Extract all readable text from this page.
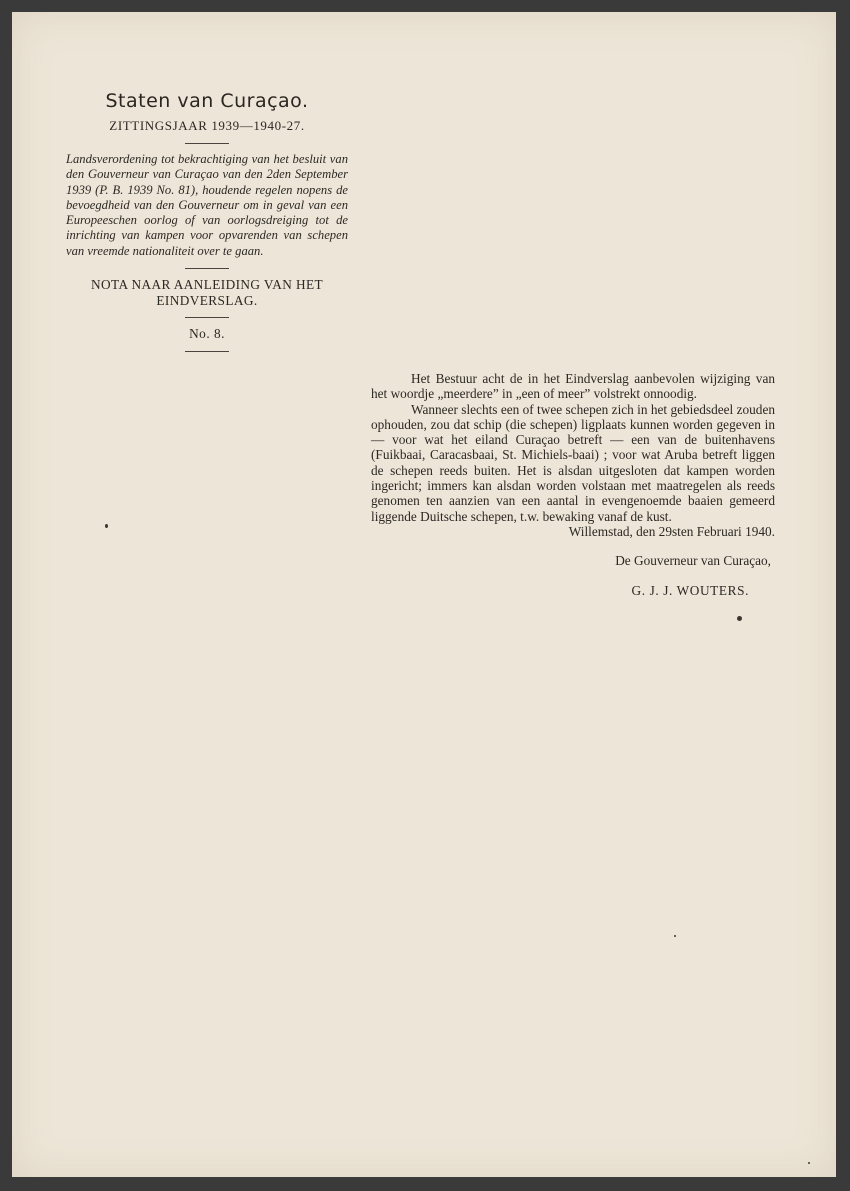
Staten van Curaçao.

ZITTINGSJAAR 1939—1940-27.

Landsverordening tot bekrachtiging van het besluit van den Gouverneur van Curaçao van den 2den September 1939 (P. B. 1939 No. 81), houdende regelen nopens de bevoegdheid van den Gouverneur om in geval van een Europeeschen oorlog of van oorlogsdreiging tot de inrichting van kampen voor opvarenden van schepen van vreemde nationaliteit over te gaan.

NOTA NAAR AANLEIDING VAN HET EINDVERSLAG.

No. 8.

Het Bestuur acht de in het Eindverslag aanbevolen wijziging van het woordje „meerdere” in „een of meer” volstrekt onnoodig.

Wanneer slechts een of twee schepen zich in het gebiedsdeel zouden ophouden, zou dat schip (die schepen) ligplaats kunnen worden gegeven in — voor wat het eiland Curaçao betreft — een van de buitenhavens (Fuikbaai, Caracasbaai, St. Michiels-baai) ; voor wat Aruba betreft liggen de schepen reeds buiten. Het is alsdan uitgesloten dat kampen worden ingericht; immers kan alsdan worden volstaan met maatregelen als reeds genomen ten aanzien van een aantal in evengenoemde baaien gemeerd liggende Duitsche schepen, t.w. bewaking vanaf de kust.

Willemstad, den 29sten Februari 1940.

De Gouverneur van Curaçao,

G. J. J. WOUTERS.
